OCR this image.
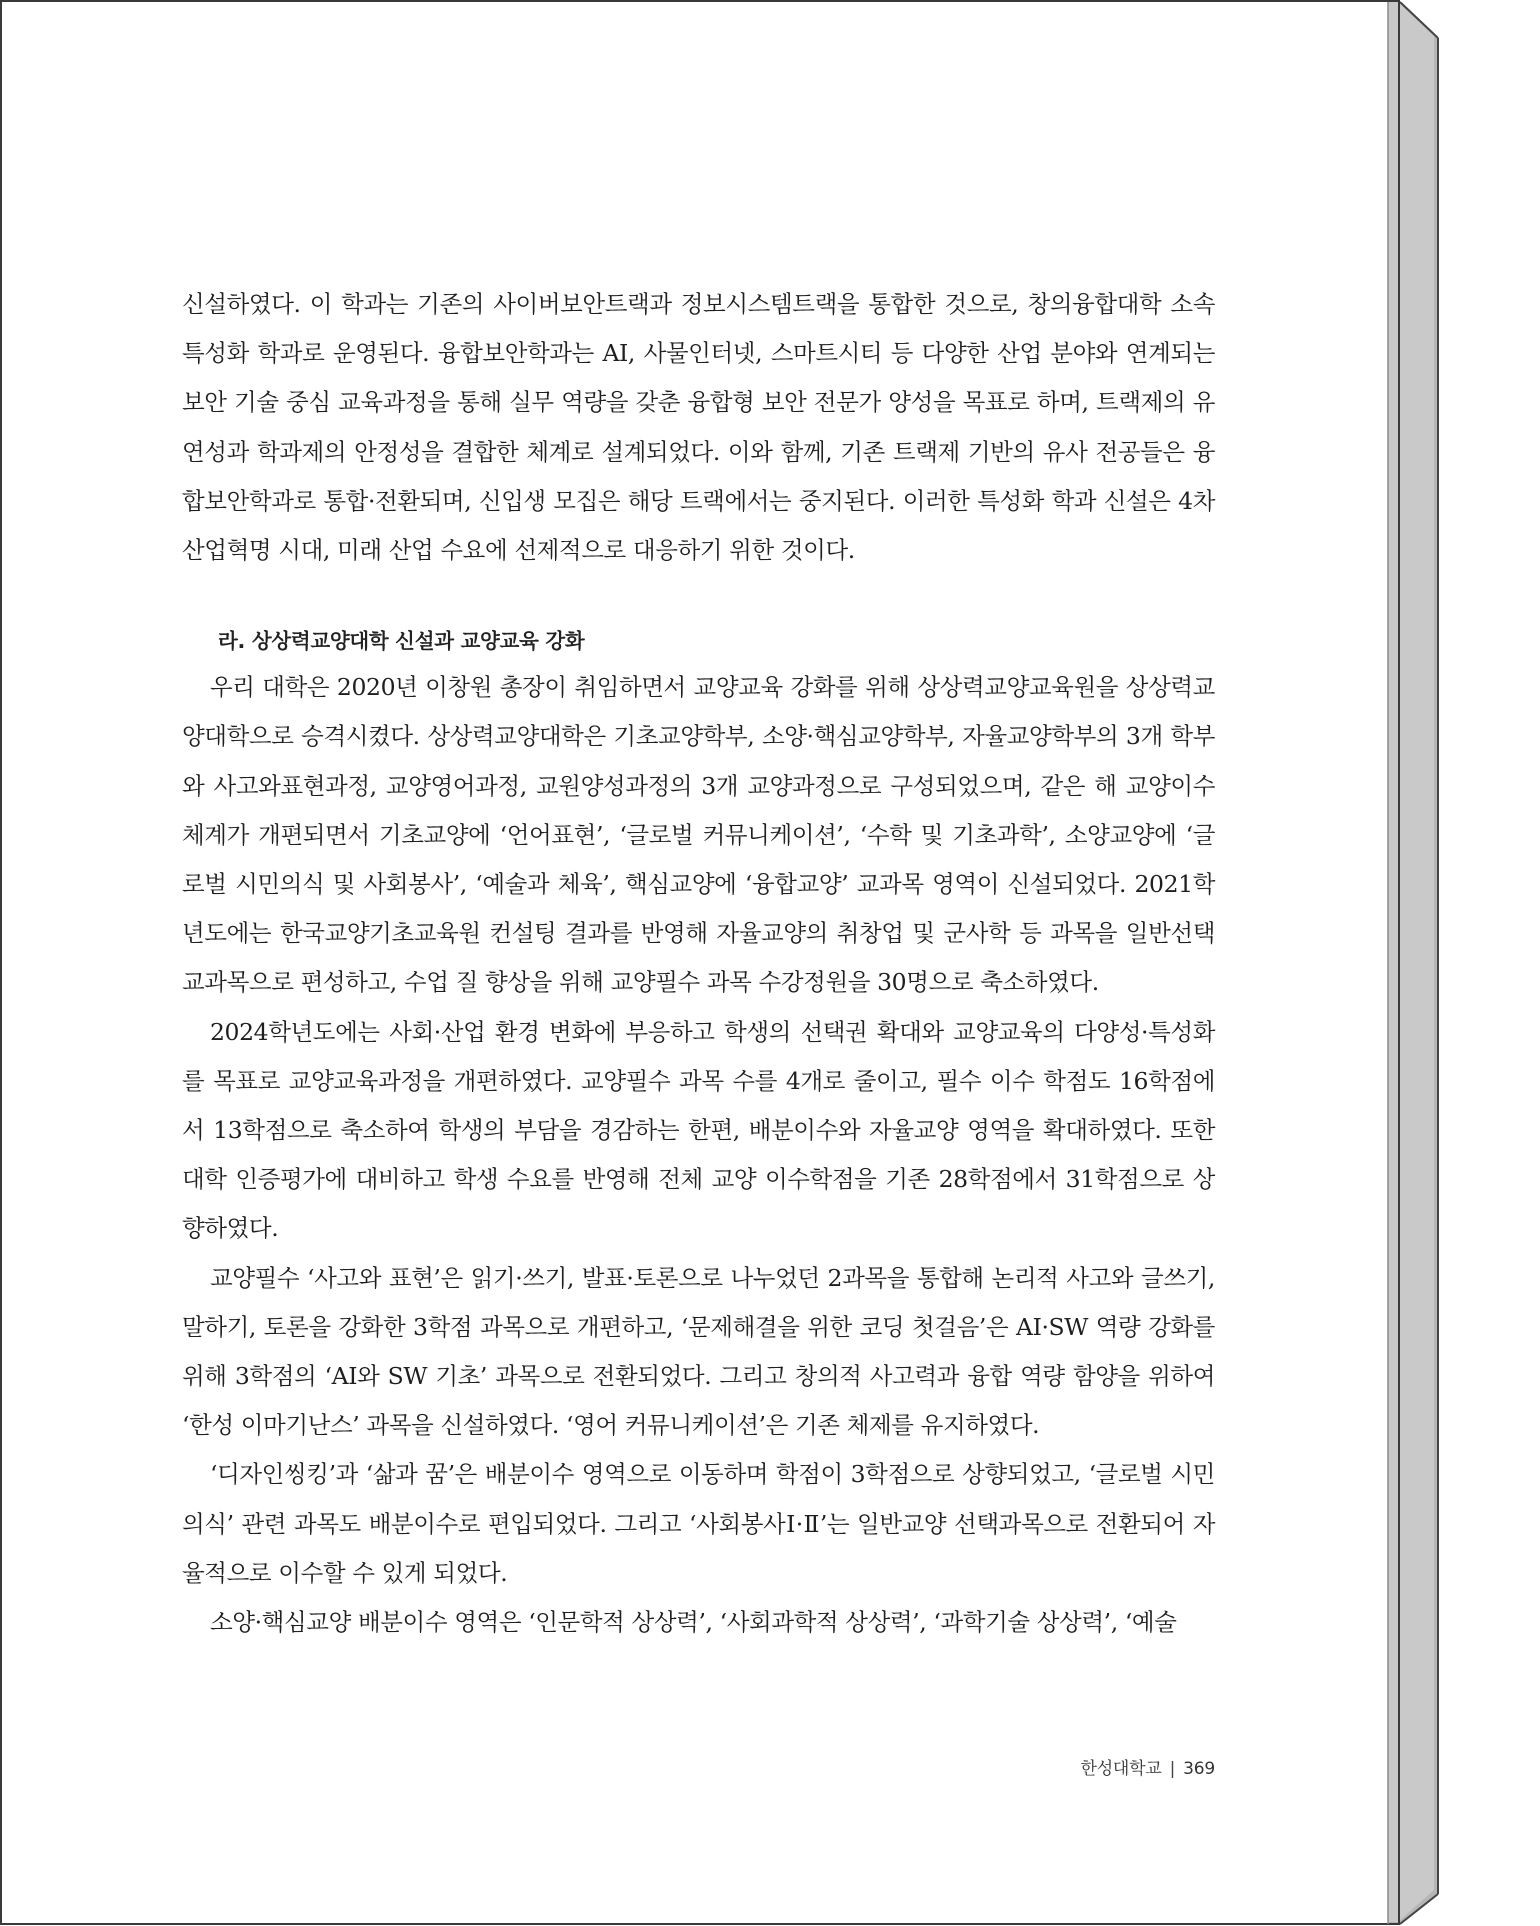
신설하였다. 이 학과는 기존의 사이버보안트랙과 정보시스템트랙을 통합한 것으로, 창의융합대학 소속 특성화 학과로 운영된다. 융합보안학과는 AI, 사물인터넷, 스마트시티 등 다양한 산업 분야와 연계되는 보안 기술 중심 교육과정을 통해 실무 역량을 갖춘 융합형 보안 전문가 양성을 목표로 하며, 트랙제의 유연성과 학과제의 안정성을 결합한 체계로 설계되었다. 이와 함께, 기존 트랙제 기반의 유사 전공들은 융합보안학과로 통합·전환되며, 신입생 모집은 해당 트랙에서는 중지된다. 이러한 특성화 학과 신설은 4차 산업혁명 시대, 미래 산업 수요에 선제적으로 대응하기 위한 것이다.

라. 상상력교양대학 신설과 교양교육 강화

우리 대학은 2020년 이창원 총장이 취임하면서 교양교육 강화를 위해 상상력교양교육원을 상상력교양대학으로 승격시켰다. 상상력교양대학은 기초교양학부, 소양·핵심교양학부, 자율교양학부의 3개 학부와 사고와표현과정, 교양영어과정, 교원양성과정의 3개 교양과정으로 구성되었으며, 같은 해 교양이수체계가 개편되면서 기초교양에 ‘언어표현’, ‘글로벌 커뮤니케이션’, ‘수학 및 기초과학’, 소양교양에 ‘글로벌 시민의식 및 사회봉사’, ‘예술과 체육’, 핵심교양에 ‘융합교양’ 교과목 영역이 신설되었다. 2021학년도에는 한국교양기초교육원 컨설팅 결과를 반영해 자율교양의 취창업 및 군사학 등 과목을 일반선택 교과목으로 편성하고, 수업 질 향상을 위해 교양필수 과목 수강정원을 30명으로 축소하였다.

2024학년도에는 사회·산업 환경 변화에 부응하고 학생의 선택권 확대와 교양교육의 다양성·특성화를 목표로 교양교육과정을 개편하였다. 교양필수 과목 수를 4개로 줄이고, 필수 이수 학점도 16학점에서 13학점으로 축소하여 학생의 부담을 경감하는 한편, 배분이수와 자율교양 영역을 확대하였다. 또한 대학 인증평가에 대비하고 학생 수요를 반영해 전체 교양 이수학점을 기존 28학점에서 31학점으로 상향하였다.

교양필수 ‘사고와 표현’은 읽기·쓰기, 발표·토론으로 나누었던 2과목을 통합해 논리적 사고와 글쓰기, 말하기, 토론을 강화한 3학점 과목으로 개편하고, ‘문제해결을 위한 코딩 첫걸음’은 AI·SW 역량 강화를 위해 3학점의 ‘AI와 SW 기초’ 과목으로 전환되었다. 그리고 창의적 사고력과 융합 역량 함양을 위하여 ‘한성 이마기난스’ 과목을 신설하였다. ‘영어 커뮤니케이션’은 기존 체제를 유지하였다.

‘디자인씽킹’과 ‘삶과 꿈’은 배분이수 영역으로 이동하며 학점이 3학점으로 상향되었고, ‘글로벌 시민의식’ 관련 과목도 배분이수로 편입되었다. 그리고 ‘사회봉사Ⅰ·Ⅱ’는 일반교양 선택과목으로 전환되어 자율적으로 이수할 수 있게 되었다.

소양·핵심교양 배분이수 영역은 ‘인문학적 상상력’, ‘사회과학적 상상력’, ‘과학기술 상상력’, ‘예술

한성대학교 | 369
